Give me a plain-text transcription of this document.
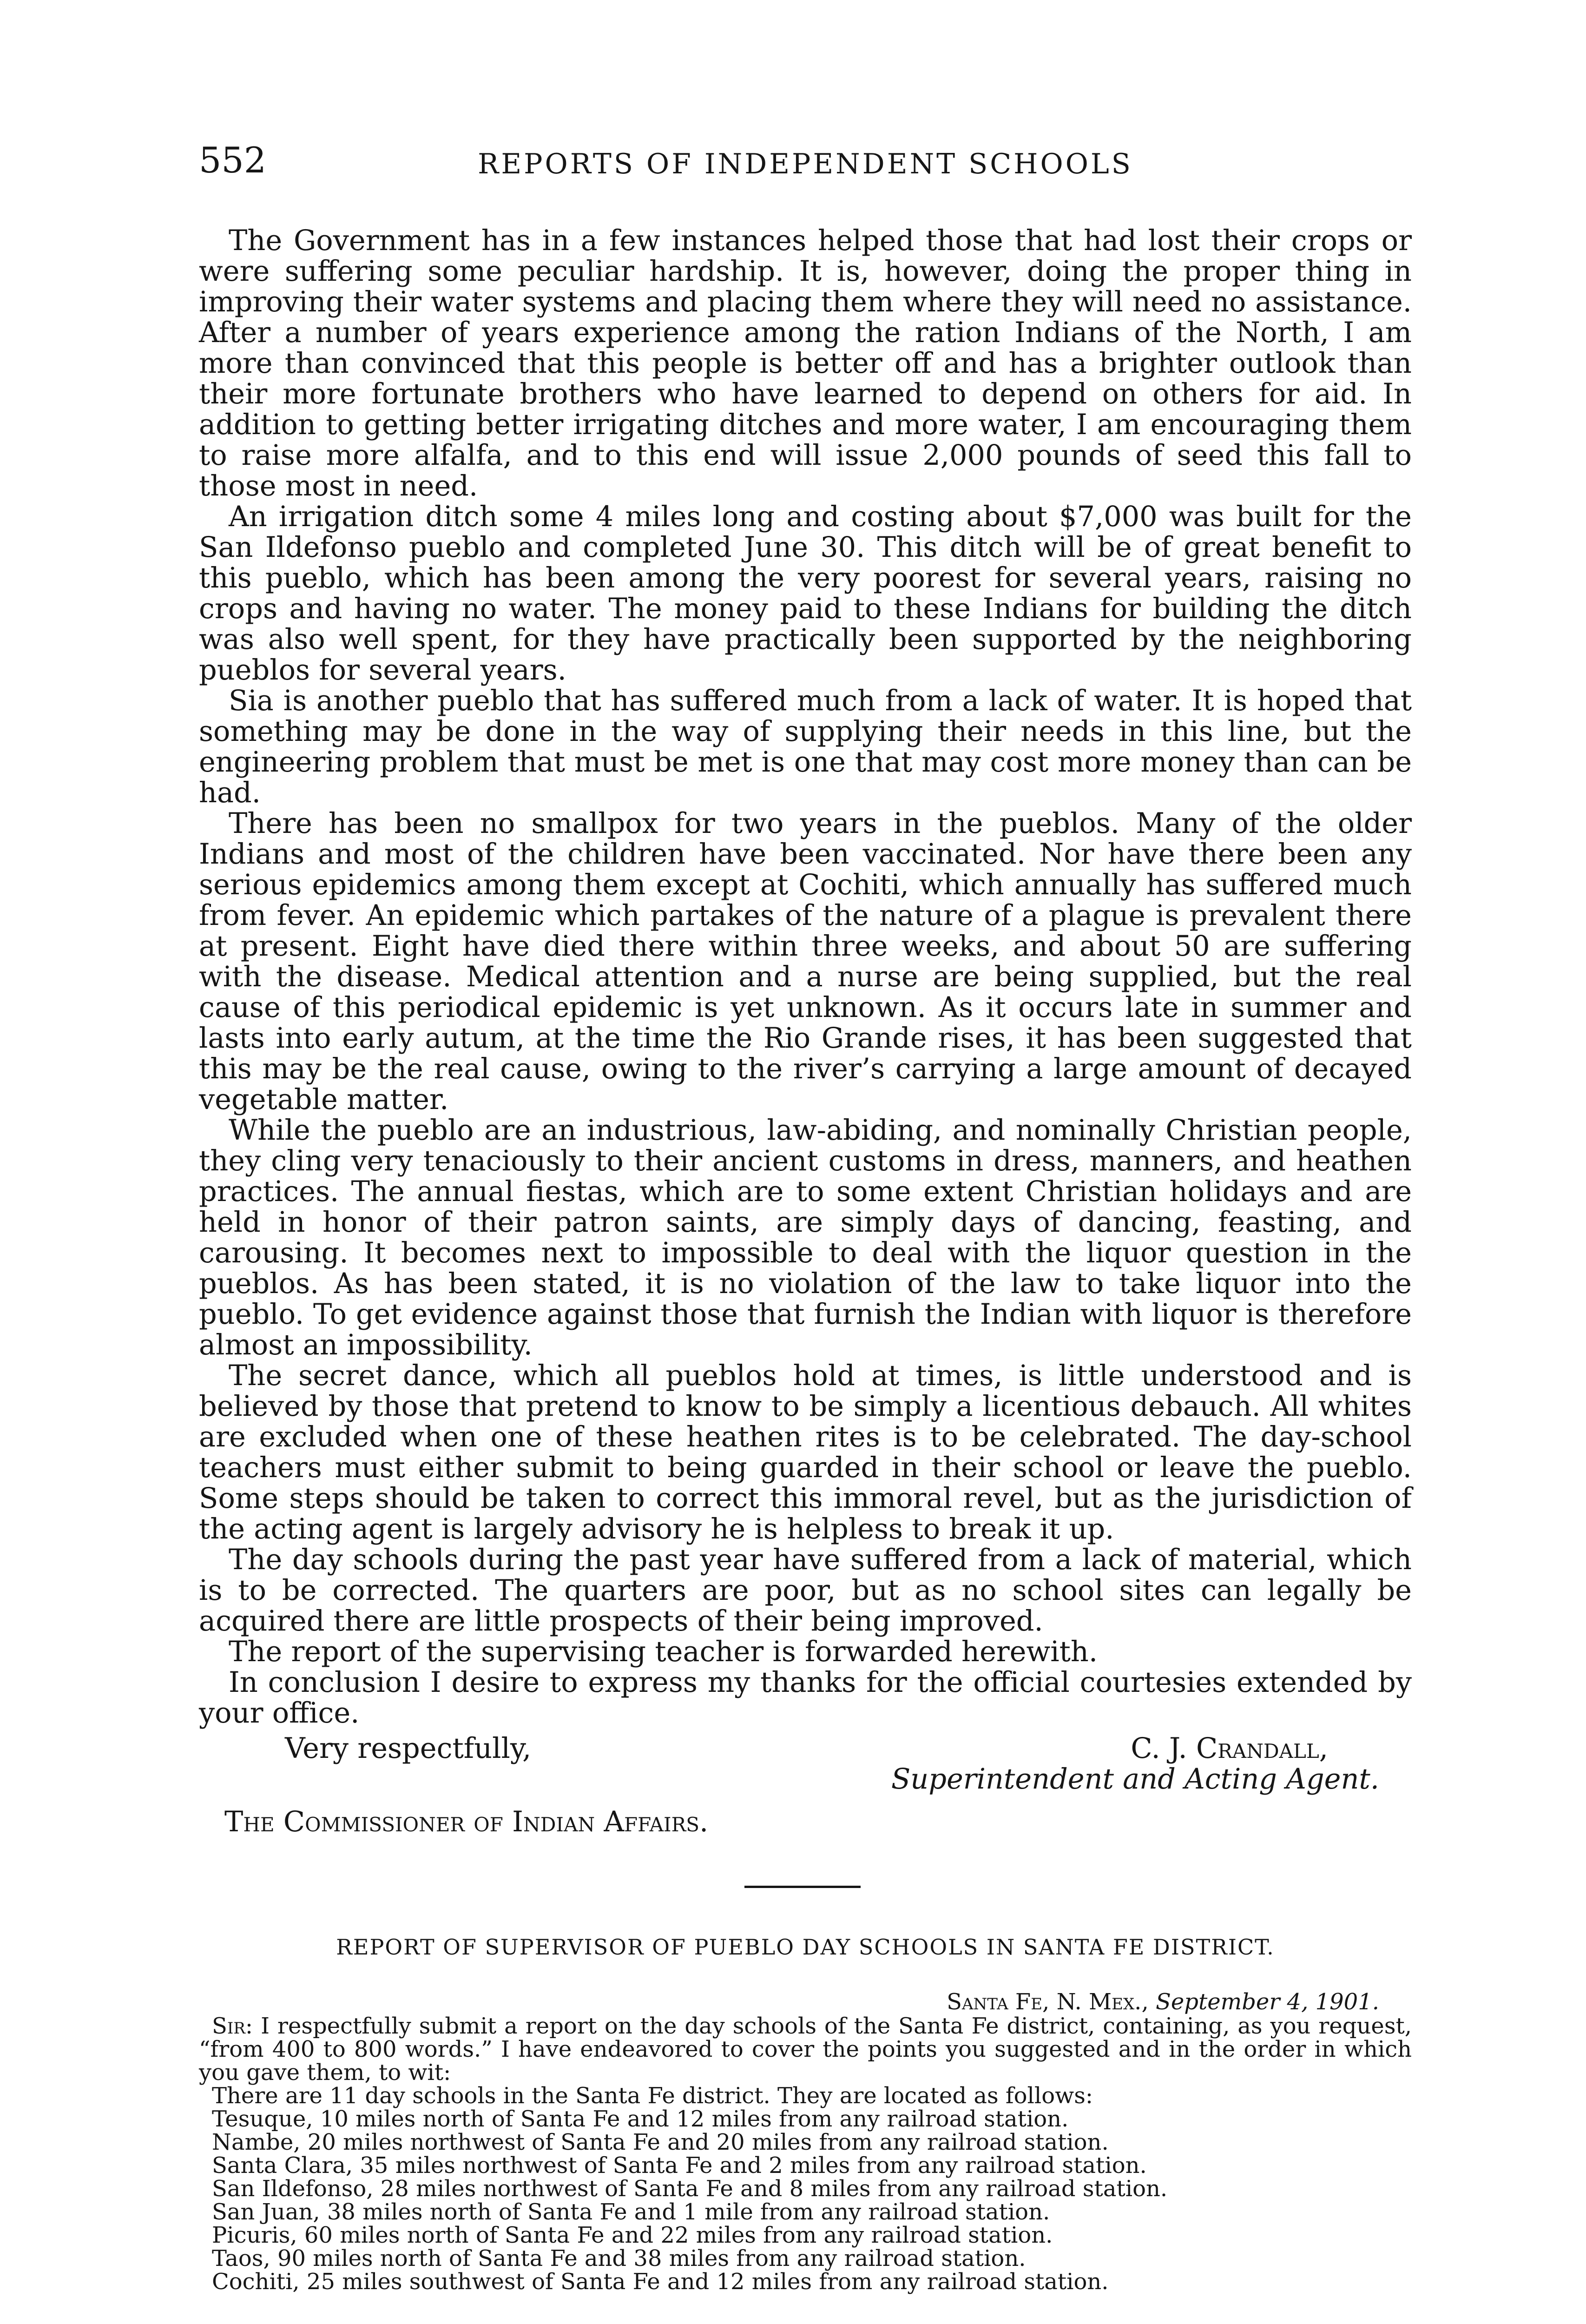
552	REPORTS OF INDEPENDENT SCHOOLS

The Government has in a few instances helped those that had lost their crops or were suffering some peculiar hardship. It is, however, doing the proper thing in improving their water systems and placing them where they will need no assistance. After a number of years experience among the ration Indians of the North, I am more than convinced that this people is better off and has a brighter outlook than their more fortunate brothers who have learned to depend on others for aid. In addition to getting better irrigating ditches and more water, I am encouraging them to raise more alfalfa, and to this end will issue 2,000 pounds of seed this fall to those most in need.

An irrigation ditch some 4 miles long and costing about $7,000 was built for the San Ildefonso pueblo and completed June 30. This ditch will be of great benefit to this pueblo, which has been among the very poorest for several years, raising no crops and having no water. The money paid to these Indians for building the ditch was also well spent, for they have practically been supported by the neighboring pueblos for several years.

Sia is another pueblo that has suffered much from a lack of water. It is hoped that something may be done in the way of supplying their needs in this line, but the engineering problem that must be met is one that may cost more money than can be had.

There has been no smallpox for two years in the pueblos. Many of the older Indians and most of the children have been vaccinated. Nor have there been any serious epidemics among them except at Cochiti, which annually has suffered much from fever. An epidemic which partakes of the nature of a plague is prevalent there at present. Eight have died there within three weeks, and about 50 are suffering with the disease. Medical attention and a nurse are being supplied, but the real cause of this periodical epidemic is yet unknown. As it occurs late in summer and lasts into early autum, at the time the Rio Grande rises, it has been suggested that this may be the real cause, owing to the river’s carrying a large amount of decayed vegetable matter.

While the pueblo are an industrious, law-abiding, and nominally Christian people, they cling very tenaciously to their ancient customs in dress, manners, and heathen practices. The annual fiestas, which are to some extent Christian holidays and are held in honor of their patron saints, are simply days of dancing, feasting, and carousing. It becomes next to impossible to deal with the liquor question in the pueblos. As has been stated, it is no violation of the law to take liquor into the pueblo. To get evidence against those that furnish the Indian with liquor is therefore almost an impossibility.

The secret dance, which all pueblos hold at times, is little understood and is believed by those that pretend to know to be simply a licentious debauch. All whites are excluded when one of these heathen rites is to be celebrated. The day-school teachers must either submit to being guarded in their school or leave the pueblo. Some steps should be taken to correct this immoral revel, but as the jurisdiction of the acting agent is largely advisory he is helpless to break it up.

The day schools during the past year have suffered from a lack of material, which is to be corrected. The quarters are poor, but as no school sites can legally be acquired there are little prospects of their being improved.

The report of the supervising teacher is forwarded herewith.

In conclusion I desire to express my thanks for the official courtesies extended by your office.

Very respectfully,	C. J. Crandall,
Superintendent and Acting Agent.
The Commissioner of Indian Affairs.
REPORT OF SUPERVISOR OF PUEBLO DAY SCHOOLS IN SANTA FE DISTRICT.
Santa Fe, N. Mex., September 4, 1901.

Sir: I respectfully submit a report on the day schools of the Santa Fe district, containing, as you request, “from 400 to 800 words.” I have endeavored to cover the points you suggested and in the order in which you gave them, to wit:

There are 11 day schools in the Santa Fe district. They are located as follows:

Tesuque, 10 miles north of Santa Fe and 12 miles from any railroad station.

Nambe, 20 miles northwest of Santa Fe and 20 miles from any railroad station.

Santa Clara, 35 miles northwest of Santa Fe and 2 miles from any railroad station.

San Ildefonso, 28 miles northwest of Santa Fe and 8 miles from any railroad station.

San Juan, 38 miles north of Santa Fe and 1 mile from any railroad station.

Picuris, 60 miles north of Santa Fe and 22 miles from any railroad station.

Taos, 90 miles north of Santa Fe and 38 miles from any railroad station.

Cochiti, 25 miles southwest of Santa Fe and 12 miles from any railroad station.
